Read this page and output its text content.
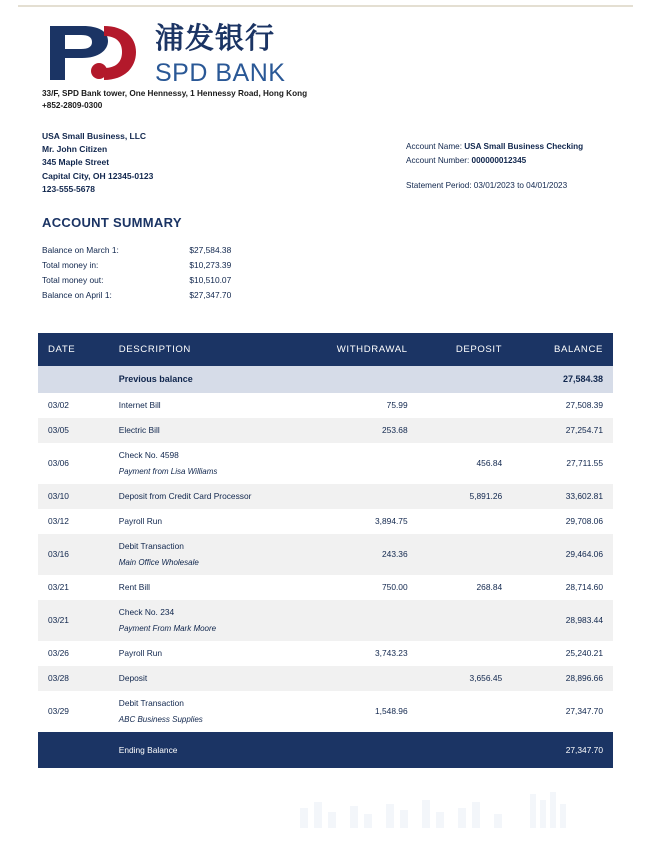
浦发银行
SPD BANK
33/F, SPD Bank tower, One Hennessy, 1 Hennessy Road, Hong Kong
+852-2809-0300
USA Small Business, LLC
Mr. John Citizen
345 Maple Street
Capital City, OH 12345-0123
123-555-5678
Account Name: USA Small Business Checking
Account Number: 000000012345
Statement Period: 03/01/2023 to 04/01/2023
ACCOUNT SUMMARY
Balance on March 1:	$27,584.38
Total money in:	$10,273.39
Total money out:	$10,510.07
Balance on April 1:	$27,347.70
DATE	DESCRIPTION	WITHDRAWAL	DEPOSIT	BALANCE
	Previous balance			27,584.38
03/02	Internet Bill	75.99		27,508.39
03/05	Electric Bill	253.68		27,254.71
03/06	Check No. 4598
Payment from Lisa Williams		456.84	27,711.55
03/10	Deposit from Credit Card Processor		5,891.26	33,602.81
03/12	Payroll Run	3,894.75		29,708.06
03/16	Debit Transaction
Main Office Wholesale	243.36		29,464.06
03/21	Rent Bill	750.00	268.84	28,714.60
03/21	Check No. 234
Payment From Mark Moore			28,983.44
03/26	Payroll Run	3,743.23		25,240.21
03/28	Deposit		3,656.45	28,896.66
03/29	Debit Transaction
ABC Business Supplies	1,548.96		27,347.70
	Ending Balance			27,347.70
